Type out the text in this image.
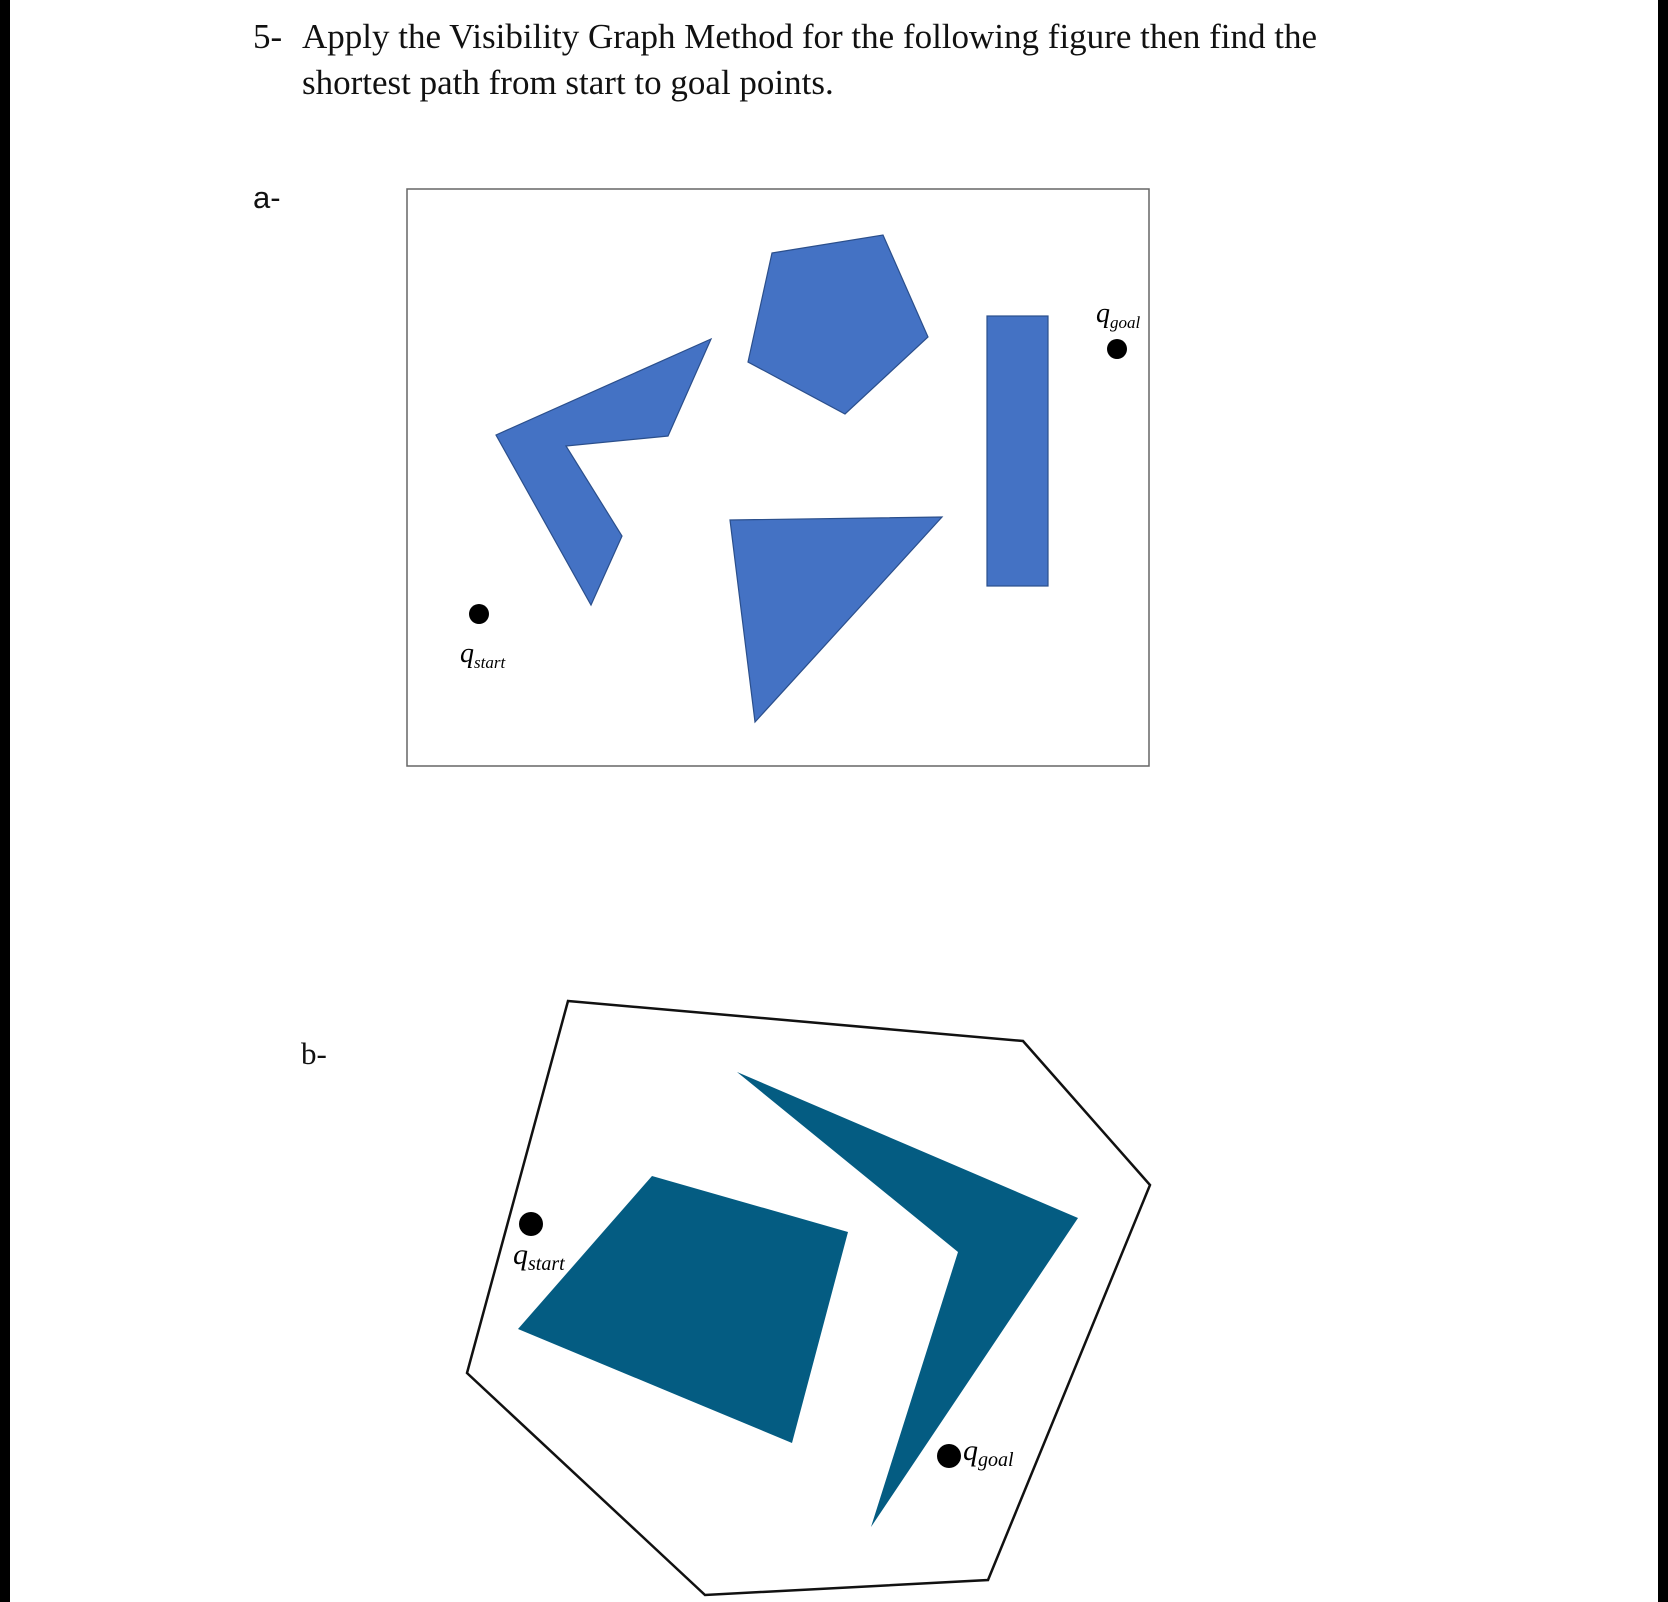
5- Apply the Visibility Graph Method for the following figure then find the
shortest path from start to goal points.
a-
b-
$q_{start}$
$q_{goal}$
$q_{start}$
$q_{goal}$
